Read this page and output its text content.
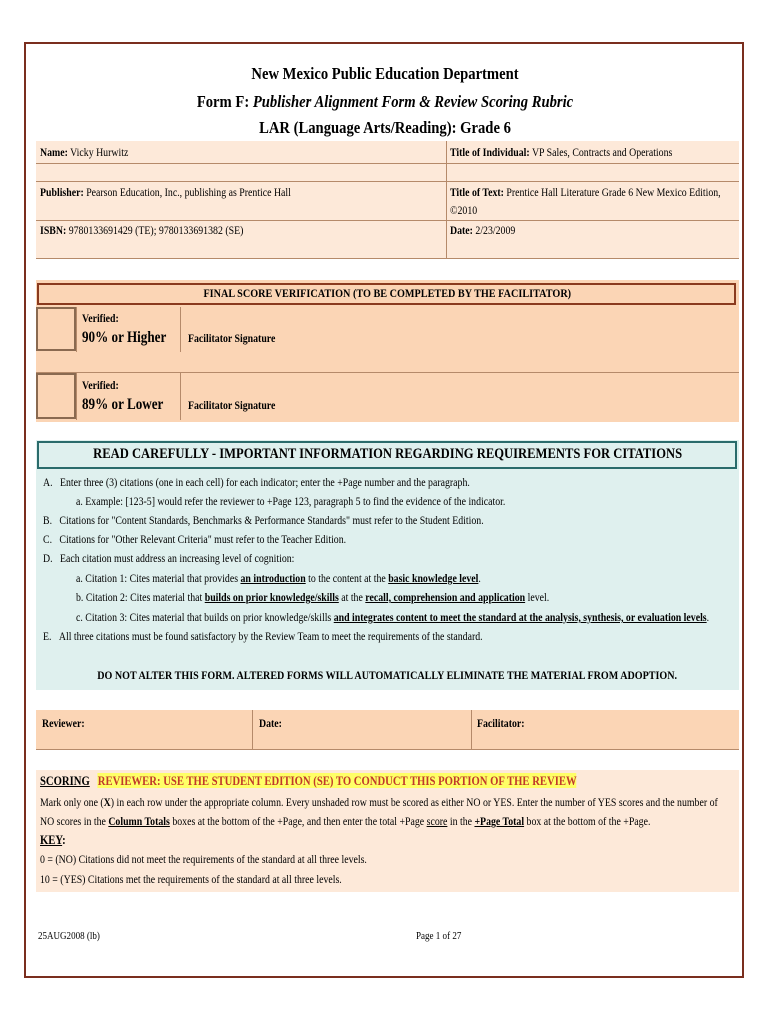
New Mexico Public Education Department
Form F: Publisher Alignment Form & Review Scoring Rubric
LAR (Language Arts/Reading): Grade 6
Name: Vicky Hurwitz	Title of Individual: VP Sales, Contracts and Operations
Publisher: Pearson Education, Inc., publishing as Prentice Hall	Title of Text: Prentice Hall Literature Grade 6 New Mexico Edition,
©2010
ISBN: 9780133691429 (TE); 9780133691382 (SE)	Date: 2/23/2009
FINAL SCORE VERIFICATION (TO BE COMPLETED BY THE FACILITATOR)
Verified:
90% or Higher	Facilitator Signature
Verified:
89% or Lower	Facilitator Signature
READ CAREFULLY - IMPORTANT INFORMATION REGARDING REQUIREMENTS FOR CITATIONS
A.   Enter three (3) citations (one in each cell) for each indicator; enter the +Page number and the paragraph.
a. Example: [123-5] would refer the reviewer to +Page 123, paragraph 5 to find the evidence of the indicator.
B.   Citations for "Content Standards, Benchmarks & Performance Standards" must refer to the Student Edition.
C.   Citations for "Other Relevant Criteria" must refer to the Teacher Edition.
D.   Each citation must address an increasing level of cognition:
a. Citation 1: Cites material that provides an introduction to the content at the basic knowledge level.
b. Citation 2: Cites material that builds on prior knowledge/skills at the recall, comprehension and application level.
c. Citation 3: Cites material that builds on prior knowledge/skills and integrates content to meet the standard at the analysis, synthesis, or evaluation levels.
E.   All three citations must be found satisfactory by the Review Team to meet the requirements of the standard.
DO NOT ALTER THIS FORM. ALTERED FORMS WILL AUTOMATICALLY ELIMINATE THE MATERIAL FROM ADOPTION.
Reviewer:	Date:	Facilitator:
SCORING REVIEWER: USE THE STUDENT EDITION (SE) TO CONDUCT THIS PORTION OF THE REVIEW
Mark only one (X) in each row under the appropriate column. Every unshaded row must be scored as either NO or YES. Enter the number of YES scores and the number of
NO scores in the Column Totals boxes at the bottom of the +Page, and then enter the total +Page score in the +Page Total box at the bottom of the +Page.
KEY:
0 = (NO) Citations did not meet the requirements of the standard at all three levels.
10 = (YES) Citations met the requirements of the standard at all three levels.
25AUG2008 (lb)	Page 1 of 27
